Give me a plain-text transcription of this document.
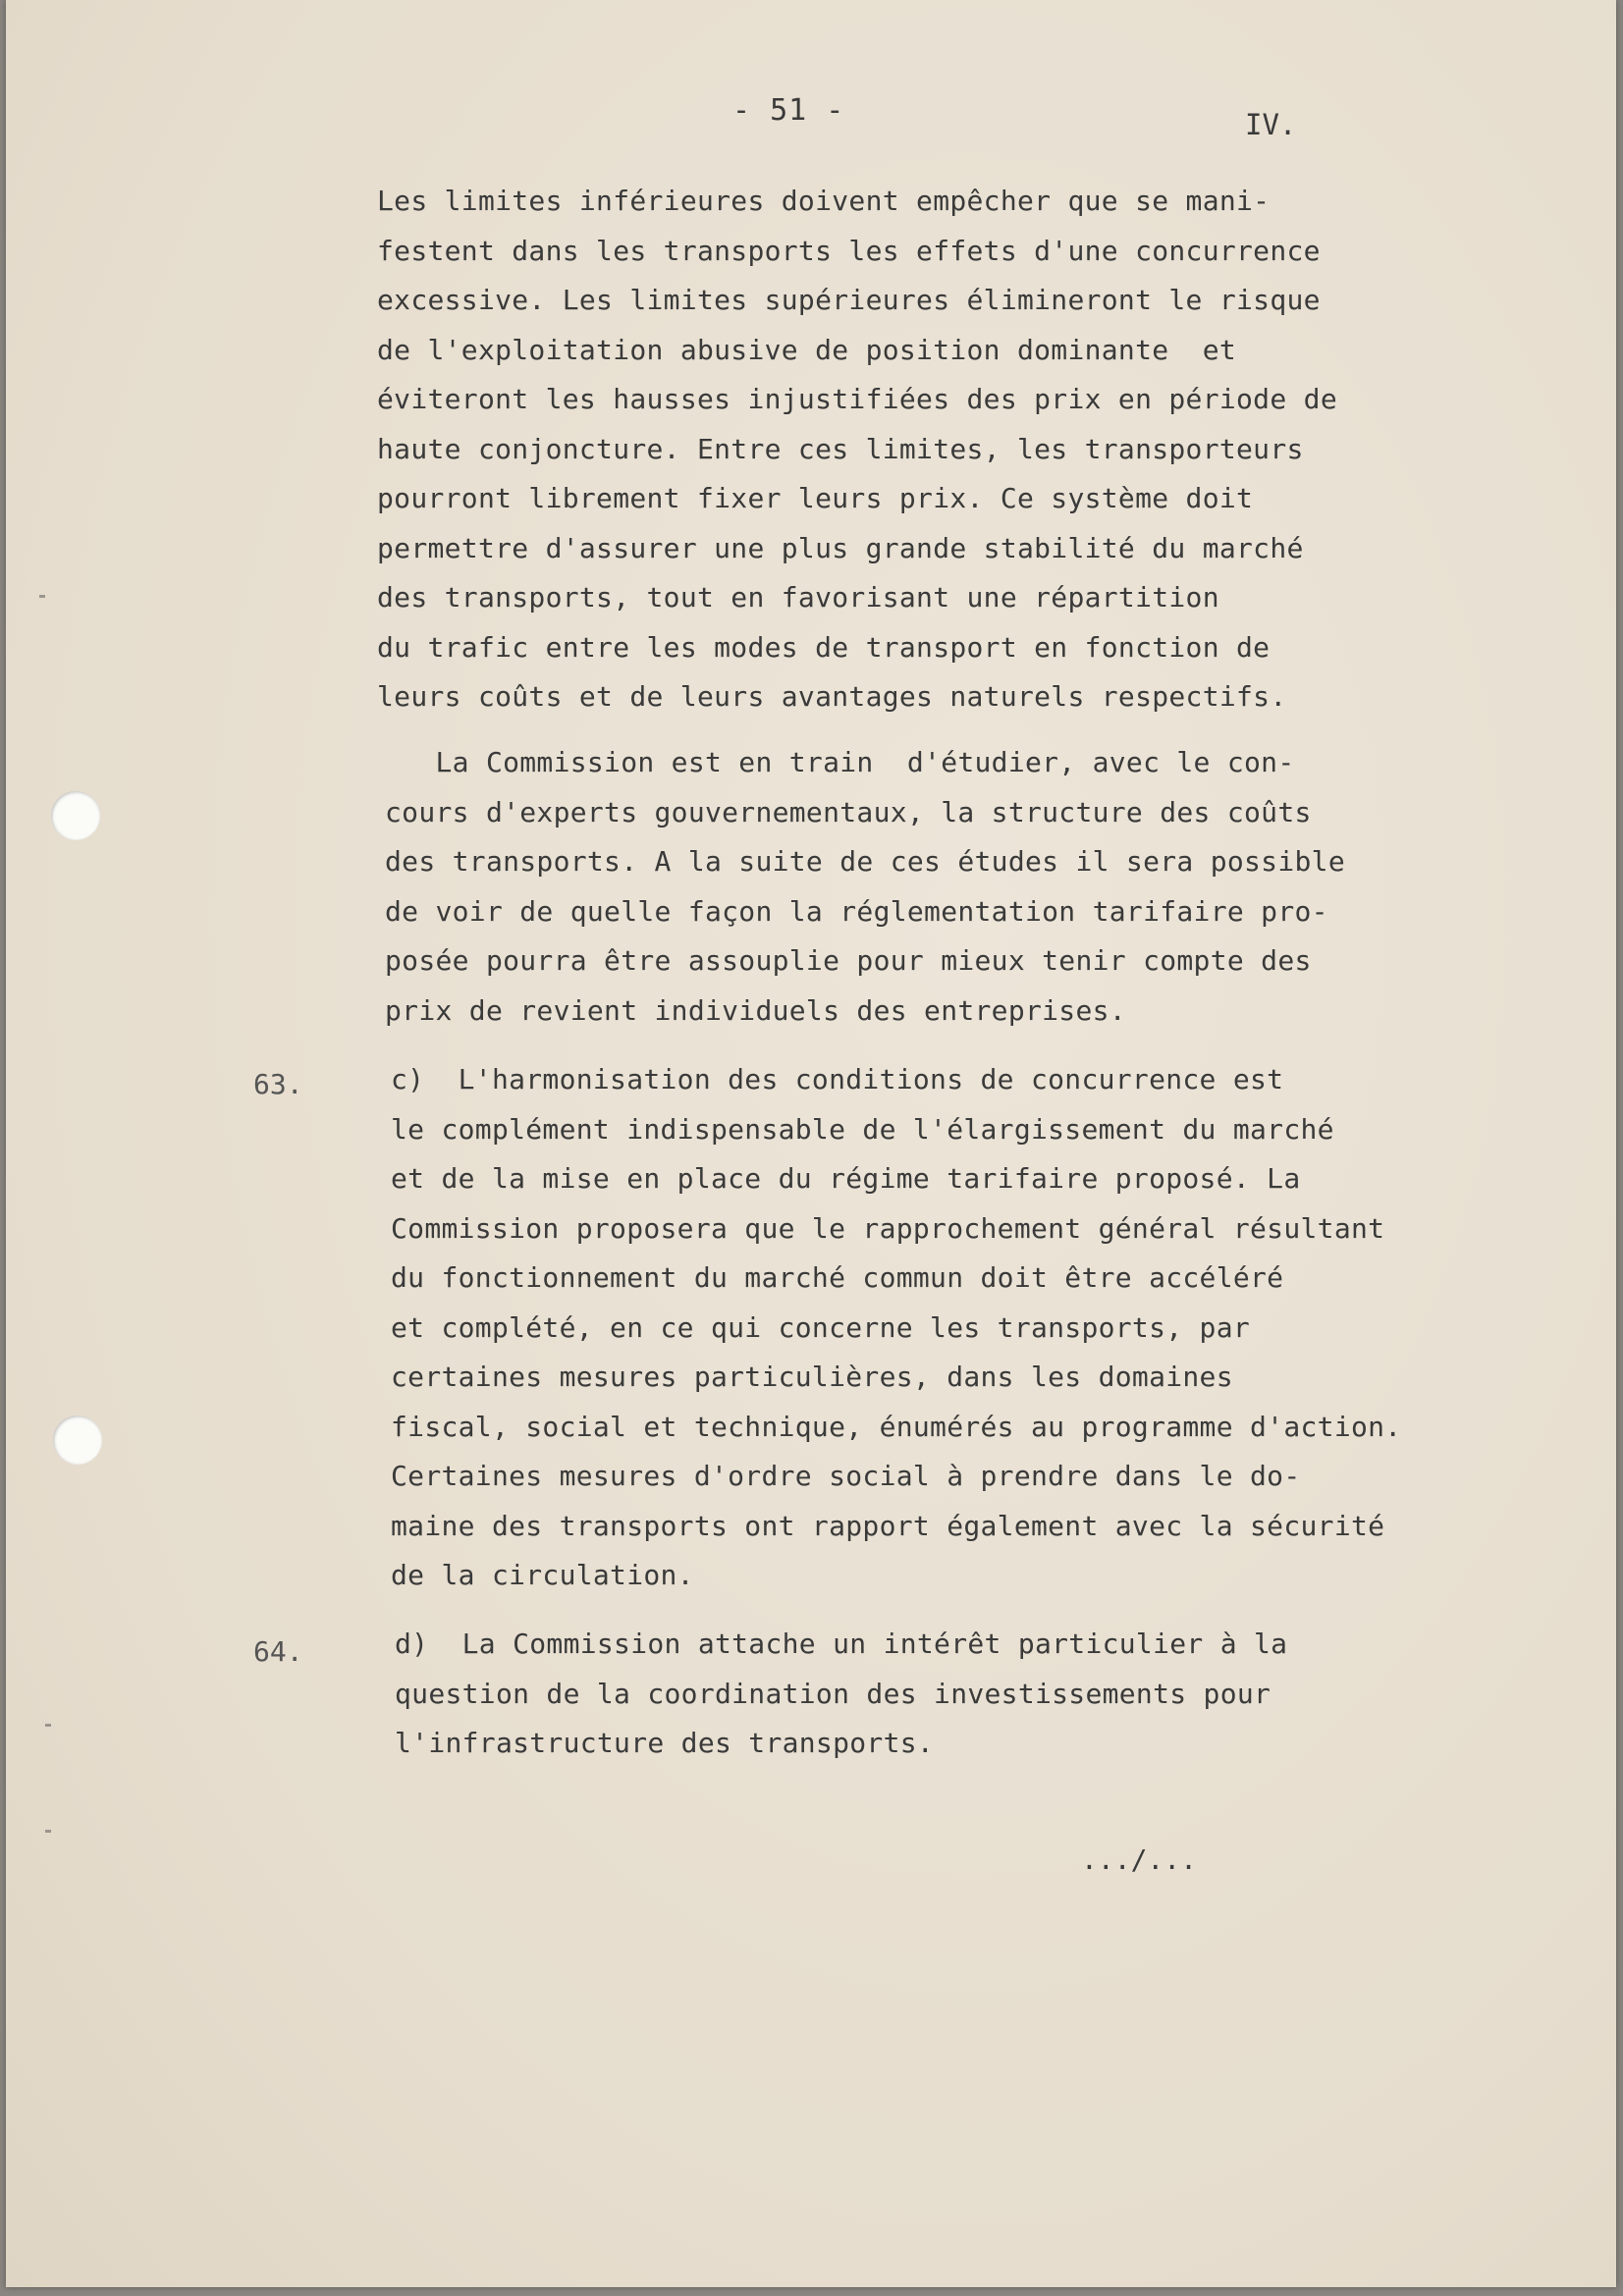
- 51 -	IV.
Les limites inférieures doivent empêcher que se mani-
festent dans les transports les effets d'une concurrence
excessive. Les limites supérieures élimineront le risque
de l'exploitation abusive de position dominante  et
éviteront les hausses injustifiées des prix en période de
haute conjoncture. Entre ces limites, les transporteurs
pourront librement fixer leurs prix. Ce système doit
permettre d'assurer une plus grande stabilité du marché
des transports, tout en favorisant une répartition
du trafic entre les modes de transport en fonction de
leurs coûts et de leurs avantages naturels respectifs.
La Commission est en train  d'étudier, avec le con-
cours d'experts gouvernementaux, la structure des coûts
des transports. A la suite de ces études il sera possible
de voir de quelle façon la réglementation tarifaire pro-
posée pourra être assouplie pour mieux tenir compte des
prix de revient individuels des entreprises.
63.	c)  L'harmonisation des conditions de concurrence est
le complément indispensable de l'élargissement du marché
et de la mise en place du régime tarifaire proposé. La
Commission proposera que le rapprochement général résultant
du fonctionnement du marché commun doit être accéléré
et complété, en ce qui concerne les transports, par
certaines mesures particulières, dans les domaines
fiscal, social et technique, énumérés au programme d'action.
Certaines mesures d'ordre social à prendre dans le do-
maine des transports ont rapport également avec la sécurité
de la circulation.
64.	d)  La Commission attache un intérêt particulier à la
question de la coordination des investissements pour
l'infrastructure des transports.
.../...
